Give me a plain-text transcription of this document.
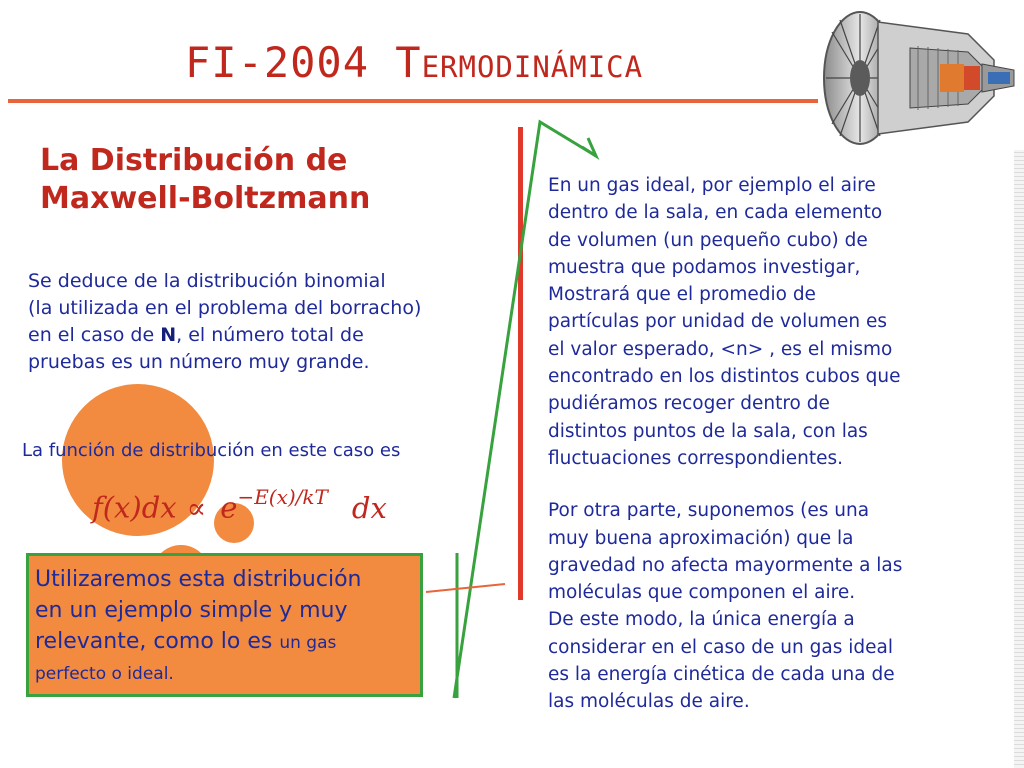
FI-2004 Termodinámica
La Distribución de
Maxwell-Boltzmann
Se deduce de la distribución binomial
(la utilizada en el problema del borracho)
en el caso de N, el número total de
pruebas es un número muy grande.
La función de distribución en este caso es
$f(x)dx \propto e^{-E(x)/kT}$ dx
Utilizaremos esta distribución
en un ejemplo simple y muy
relevante, como lo es un gas
perfecto o ideal.
En un gas ideal, por ejemplo el aire
dentro de la sala, en cada elemento
de volumen (un pequeño cubo) de
muestra que podamos investigar,
Mostrará que el promedio de
partículas por unidad de volumen es
el valor esperado, <n> , es el mismo
encontrado en los distintos cubos que
pudiéramos recoger dentro de
distintos puntos de la sala, con las
fluctuaciones correspondientes.
Por otra parte, suponemos (es una
muy buena aproximación) que la
gravedad no afecta mayormente a las
moléculas que componen el aire.
De este modo, la única energía a
considerar en el caso de un gas ideal
es la energía cinética de cada una de
las moléculas de aire.
